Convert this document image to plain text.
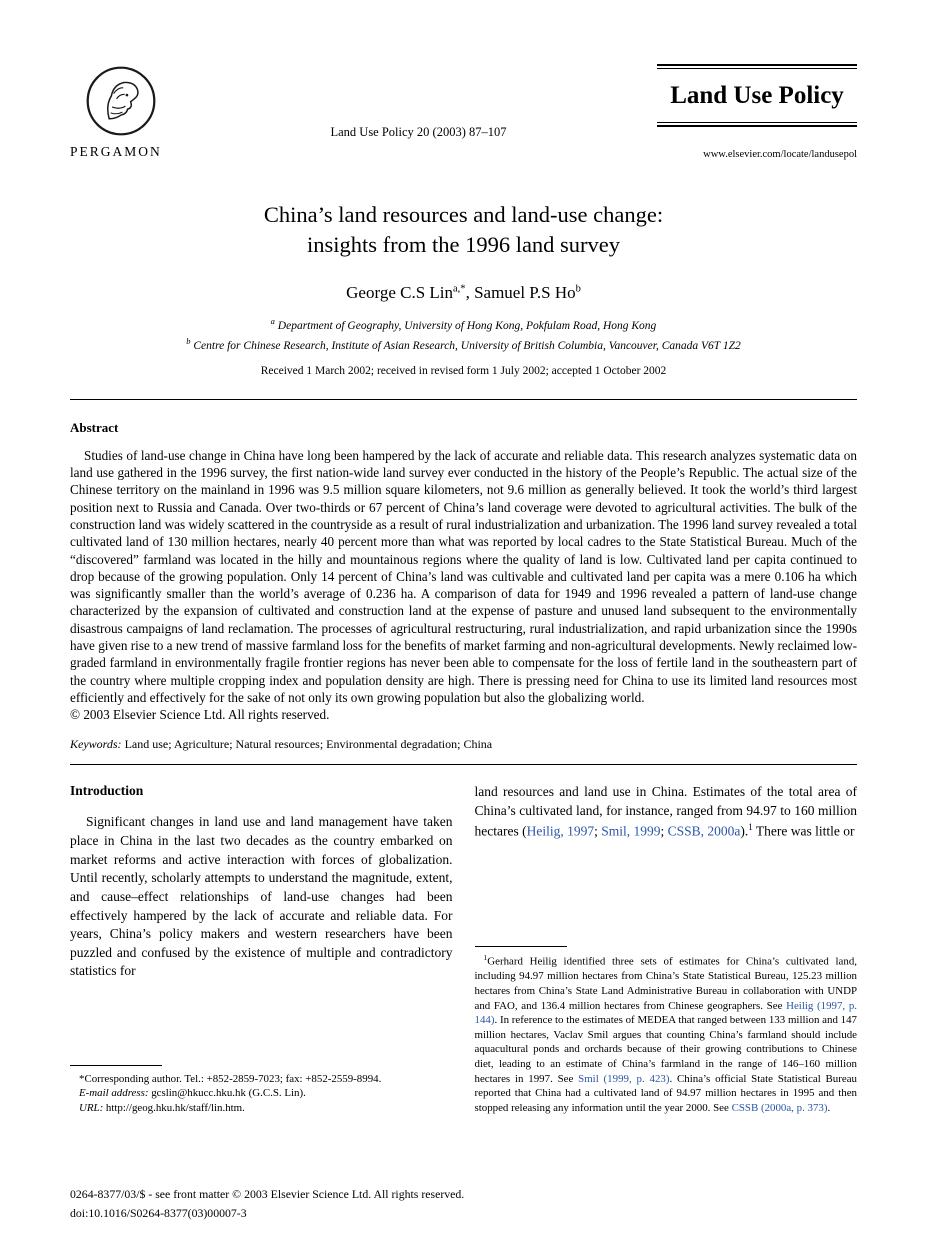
PERGAMON
Land Use Policy 20 (2003) 87–107
Land Use Policy
www.elsevier.com/locate/landusepol
China’s land resources and land-use change:
insights from the 1996 land survey
George C.S Lin$^{a,*}$, Samuel P.S Ho$^b$
$^a$ Department of Geography, University of Hong Kong, Pokfulam Road, Hong Kong
$^b$ Centre for Chinese Research, Institute of Asian Research, University of British Columbia, Vancouver, Canada V6T 1Z2
Received 1 March 2002; received in revised form 1 July 2002; accepted 1 October 2002
Abstract
Studies of land-use change in China have long been hampered by the lack of accurate and reliable data. This research analyzes systematic data on land use gathered in the 1996 survey, the first nation-wide land survey ever conducted in the history of the People’s Republic. The actual size of the Chinese territory on the mainland in 1996 was 9.5 million square kilometers, not 9.6 million as generally believed. It took the world’s third largest position next to Russia and Canada. Over two-thirds or 67 percent of China’s land coverage were devoted to agricultural activities. The bulk of the construction land was widely scattered in the countryside as a result of rural industrialization and urbanization. The 1996 land survey revealed a total cultivated land of 130 million hectares, nearly 40 percent more than what was reported by local cadres to the State Statistical Bureau. Much of the “discovered” farmland was located in the hilly and mountainous regions where the quality of land is low. Cultivated land per capita continued to drop because of the growing population. Only 14 percent of China’s land was cultivable and cultivated land per capita was a mere 0.106 ha which was significantly smaller than the world’s average of 0.236 ha. A comparison of data for 1949 and 1996 revealed a pattern of land-use change characterized by the expansion of cultivated and construction land at the expense of pasture and unused land subsequent to the environmentally disastrous campaigns of land reclamation. The processes of agricultural restructuring, rural industrialization, and rapid urbanization since the 1990s have given rise to a new trend of massive farmland loss for the benefits of market farming and non-agricultural developments. Newly reclaimed low-graded farmland in environmentally fragile frontier regions has never been able to compensate for the loss of fertile land in the southeastern part of the country where multiple cropping index and population density are high. There is pressing need for China to use its limited land resources most efficiently and effectively for the sake of not only its own growing population but also the globalizing world.
© 2003 Elsevier Science Ltd. All rights reserved.
Keywords: Land use; Agriculture; Natural resources; Environmental degradation; China
Introduction
Significant changes in land use and land management have taken place in China in the last two decades as the country embarked on market reforms and active interaction with forces of globalization. Until recently, scholarly attempts to understand the magnitude, extent, and cause–effect relationships of land-use changes had been effectively hampered by the lack of accurate and reliable data. For years, China’s policy makers and western researchers have been puzzled and confused by the existence of multiple and contradictory statistics for
*Corresponding author. Tel.: +852-2859-7023; fax: +852-2559-8994.
E-mail address: gcslin@hkucc.hku.hk (G.C.S. Lin).
URL: http://geog.hku.hk/staff/lin.htm.
land resources and land use in China. Estimates of the total area of China’s cultivated land, for instance, ranged from 94.97 to 160 million hectares (Heilig, 1997; Smil, 1999; CSSB, 2000a).$^1$ There was little or
$^1$Gerhard Heilig identified three sets of estimates for China’s cultivated land, including 94.97 million hectares from China’s State Statistical Bureau, 125.23 million hectares from China’s State Land Administrative Bureau in collaboration with UNDP and FAO, and 136.4 million hectares from Chinese geographers. See Heilig (1997, p. 144). In reference to the estimates of MEDEA that ranged between 133 million and 147 million hectares, Vaclav Smil argues that counting China’s farmland should include aquacultural ponds and orchards because of their growing contributions to Chinese diet, leading to an estimate of China’s farmland in the range of 146–160 million hectares in 1997. See Smil (1999, p. 423). China’s official State Statistical Bureau reported that China had a cultivated land of 94.97 million hectares in 1995 and then stopped releasing any information until the year 2000. See CSSB (2000a, p. 373).
0264-8377/03/$ - see front matter © 2003 Elsevier Science Ltd. All rights reserved.
doi:10.1016/S0264-8377(03)00007-3
